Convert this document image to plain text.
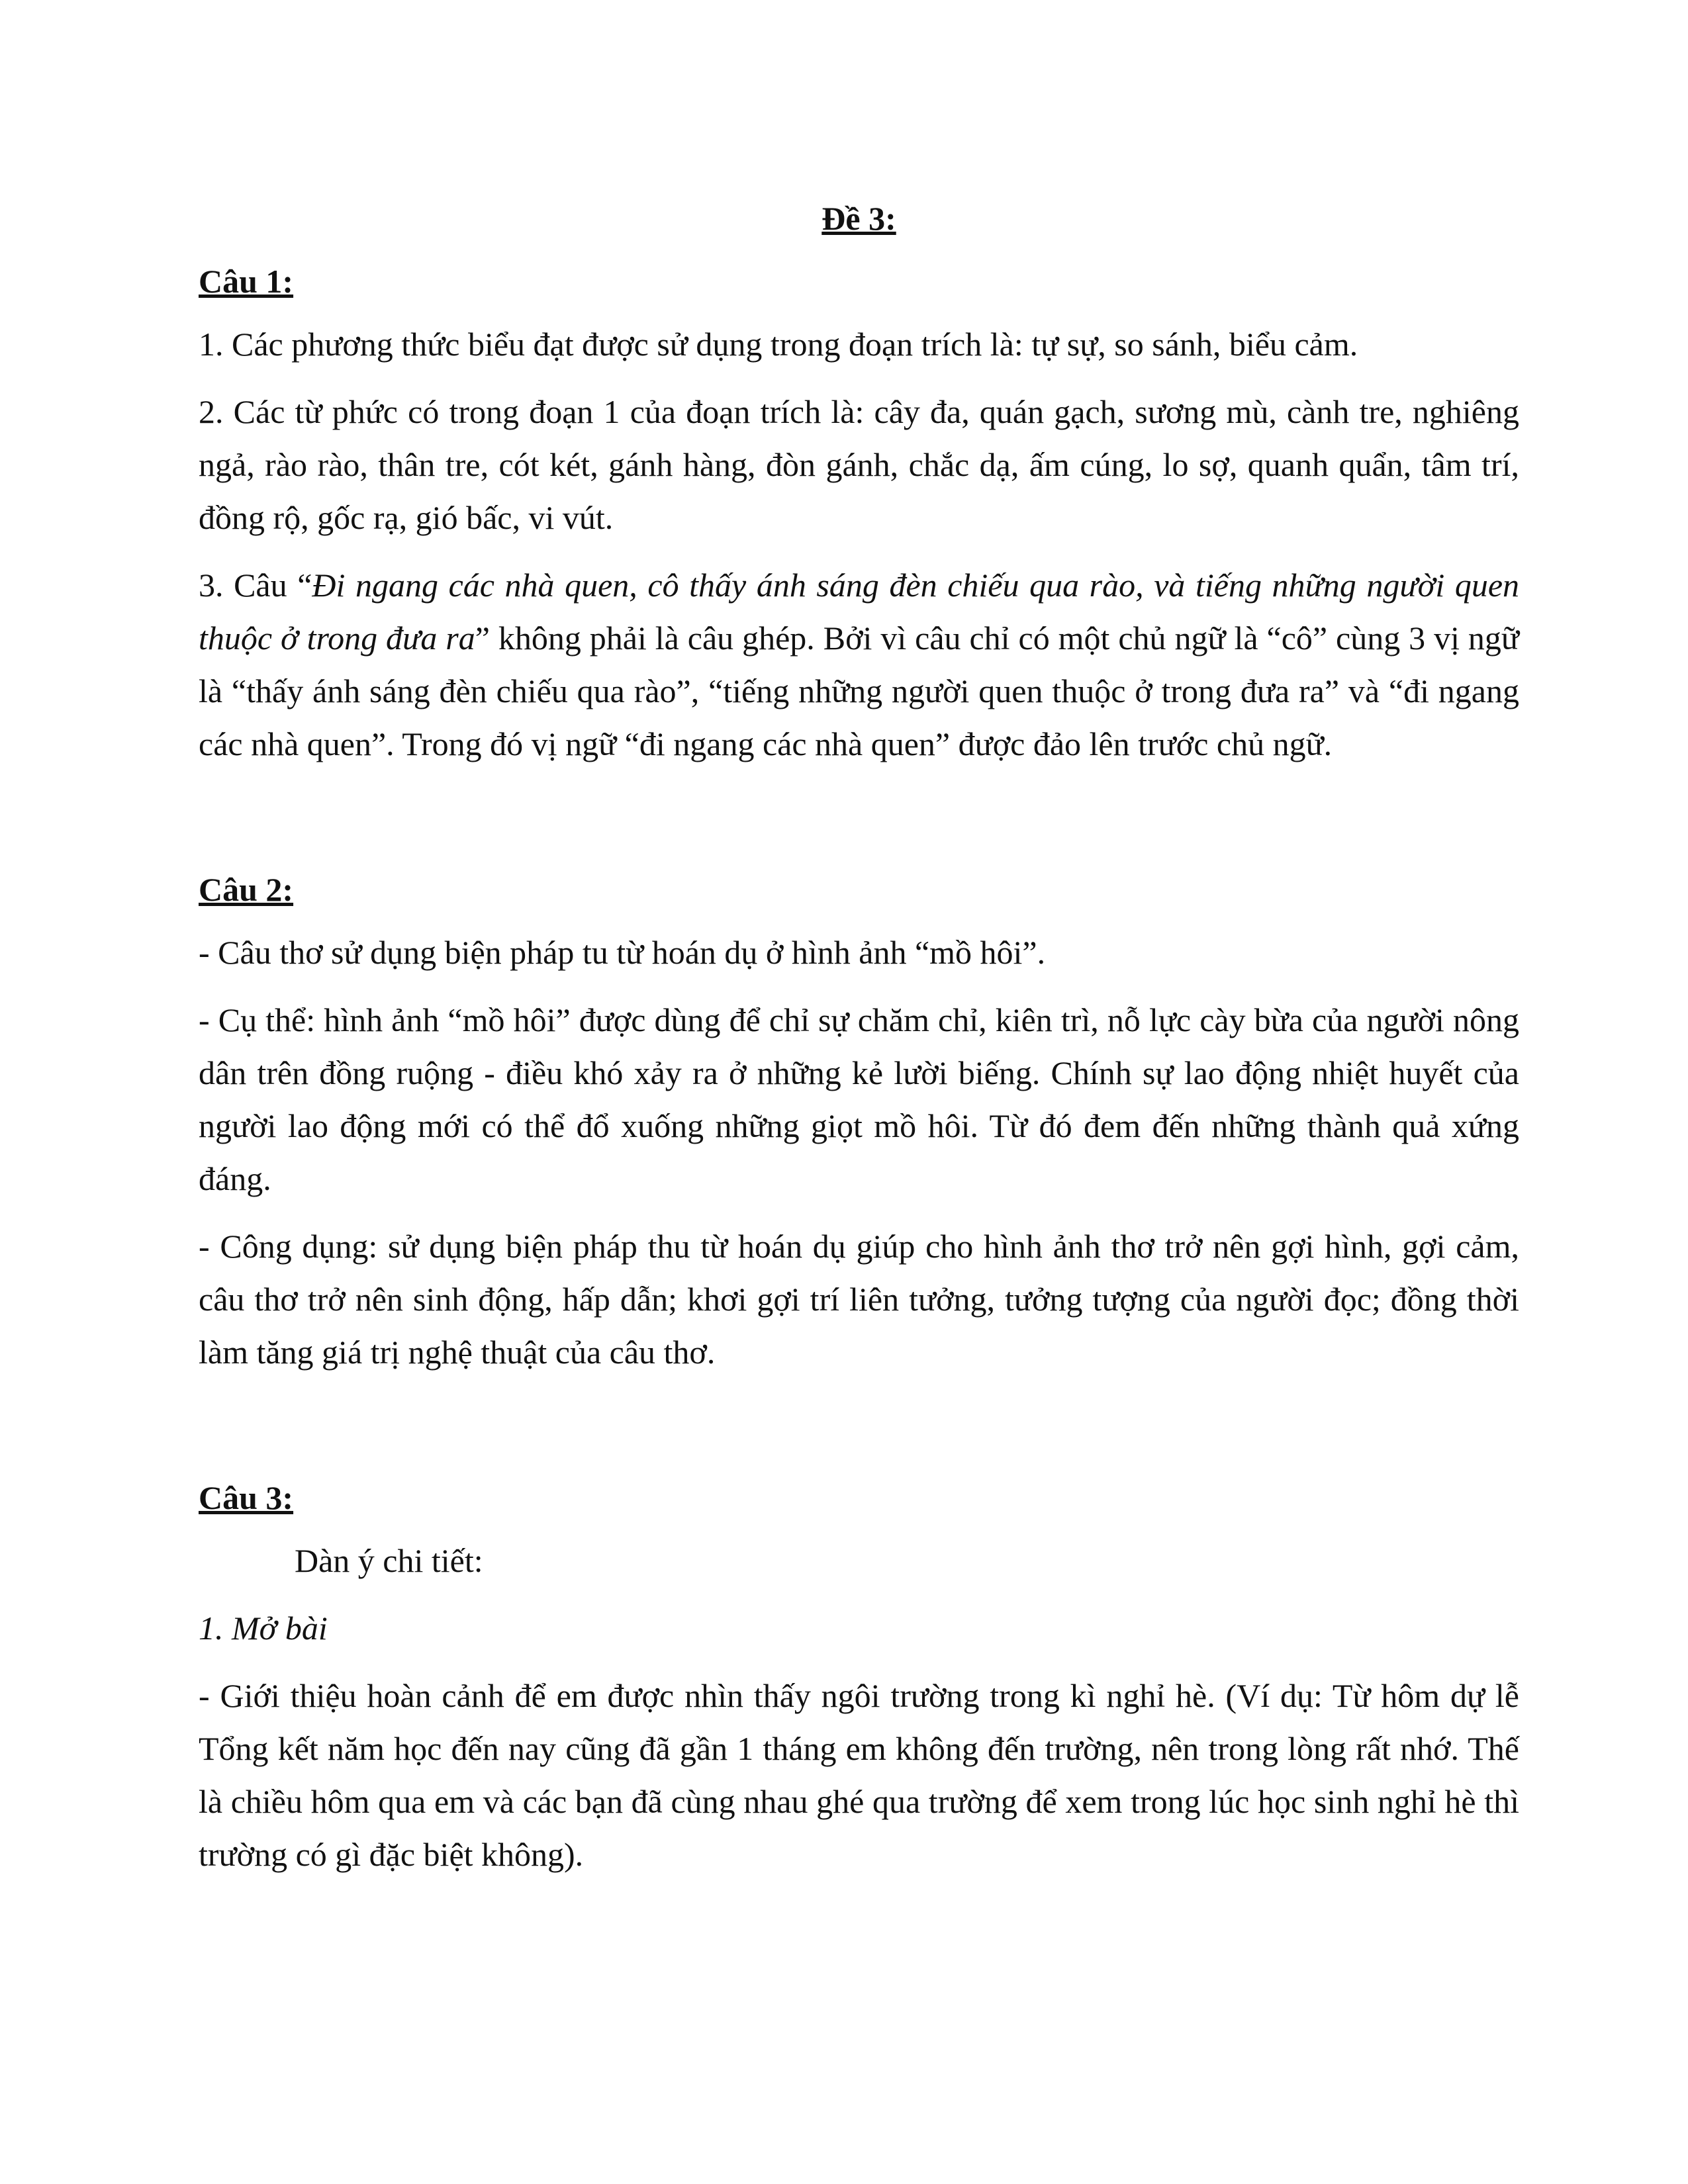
Đề 3:
Câu 1:

1. Các phương thức biểu đạt được sử dụng trong đoạn trích là: tự sự, so sánh, biểu cảm.

2. Các từ phức có trong đoạn 1 của đoạn trích là: cây đa, quán gạch, sương mù, cành tre, nghiêng ngả, rào rào, thân tre, cót két, gánh hàng, đòn gánh, chắc dạ, ấm cúng, lo sợ, quanh quẩn, tâm trí, đồng rộ, gốc rạ, gió bấc, vi vút.

3. Câu “Đi ngang các nhà quen, cô thấy ánh sáng đèn chiếu qua rào, và tiếng những người quen thuộc ở trong đưa ra” không phải là câu ghép. Bởi vì câu chỉ có một chủ ngữ là “cô” cùng 3 vị ngữ là “thấy ánh sáng đèn chiếu qua rào”, “tiếng những người quen thuộc ở trong đưa ra” và “đi ngang các nhà quen”. Trong đó vị ngữ “đi ngang các nhà quen” được đảo lên trước chủ ngữ.

Câu 2:

- Câu thơ sử dụng biện pháp tu từ hoán dụ ở hình ảnh “mồ hôi”.

- Cụ thể: hình ảnh “mồ hôi” được dùng để chỉ sự chăm chỉ, kiên trì, nỗ lực cày bừa của người nông dân trên đồng ruộng - điều khó xảy ra ở những kẻ lười biếng. Chính sự lao động nhiệt huyết của người lao động mới có thể đổ xuống những giọt mồ hôi. Từ đó đem đến những thành quả xứng đáng.

- Công dụng: sử dụng biện pháp thu từ hoán dụ giúp cho hình ảnh thơ trở nên gợi hình, gợi cảm, câu thơ trở nên sinh động, hấp dẫn; khơi gợi trí liên tưởng, tưởng tượng của người đọc; đồng thời làm tăng giá trị nghệ thuật của câu thơ.

Câu 3:

Dàn ý chi tiết:

1. Mở bài

- Giới thiệu hoàn cảnh để em được nhìn thấy ngôi trường trong kì nghỉ hè. (Ví dụ: Từ hôm dự lễ Tổng kết năm học đến nay cũng đã gần 1 tháng em không đến trường, nên trong lòng rất nhớ. Thế là chiều hôm qua em và các bạn đã cùng nhau ghé qua trường để xem trong lúc học sinh nghỉ hè thì trường có gì đặc biệt không).
